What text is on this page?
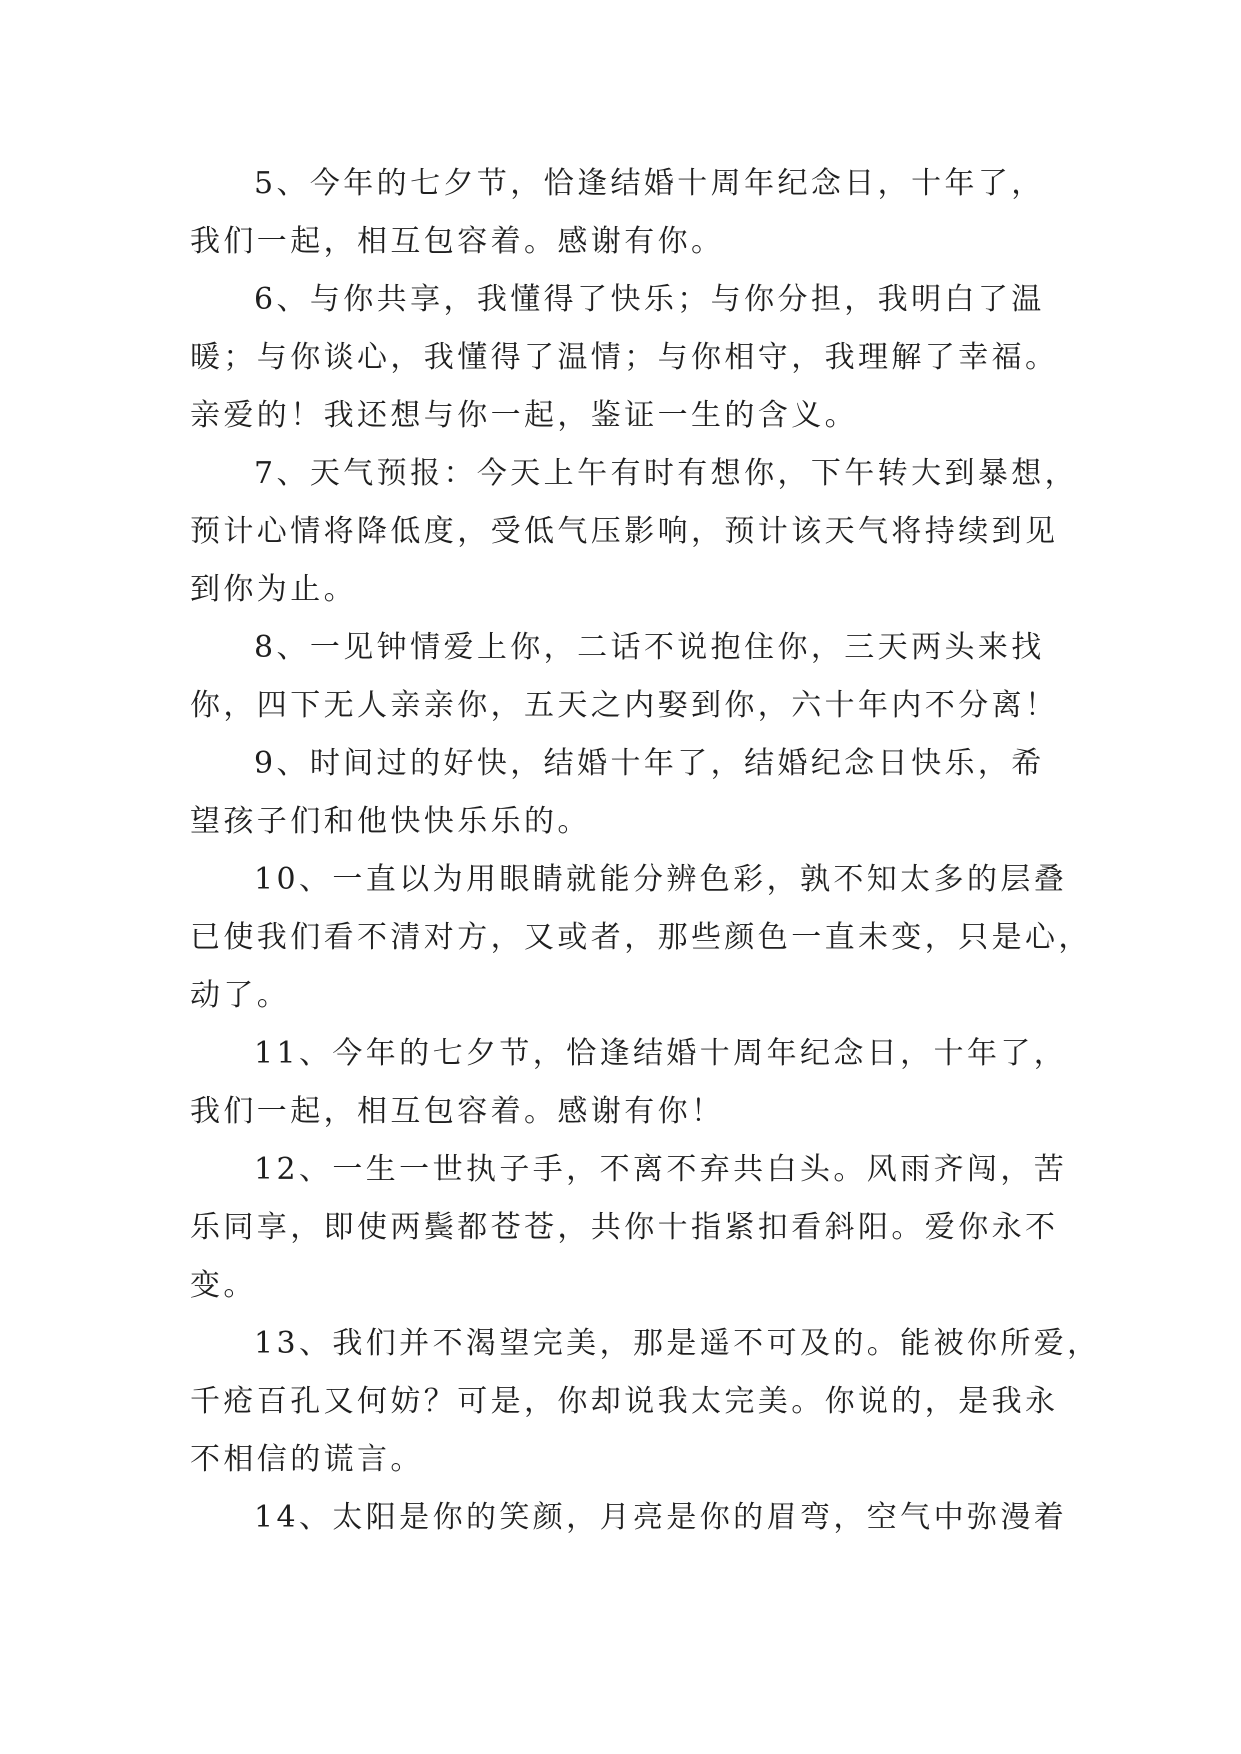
5、今年的七夕节，恰逢结婚十周年纪念日，十年了，
我们一起，相互包容着。感谢有你。
6、与你共享，我懂得了快乐；与你分担，我明白了温
暖；与你谈心，我懂得了温情；与你相守，我理解了幸福。
亲爱的！我还想与你一起，鉴证一生的含义。
7、天气预报：今天上午有时有想你，下午转大到暴想，
预计心情将降低度，受低气压影响，预计该天气将持续到见
到你为止。
8、一见钟情爱上你，二话不说抱住你，三天两头来找
你，四下无人亲亲你，五天之内娶到你，六十年内不分离！
9、时间过的好快，结婚十年了，结婚纪念日快乐，希
望孩子们和他快快乐乐的。
10、一直以为用眼睛就能分辨色彩，孰不知太多的层叠
已使我们看不清对方，又或者，那些颜色一直未变，只是心，
动了。
11、今年的七夕节，恰逢结婚十周年纪念日，十年了，
我们一起，相互包容着。感谢有你！
12、一生一世执子手，不离不弃共白头。风雨齐闯，苦
乐同享，即使两鬓都苍苍，共你十指紧扣看斜阳。爱你永不
变。
13、我们并不渴望完美，那是遥不可及的。能被你所爱，
千疮百孔又何妨？可是，你却说我太完美。你说的，是我永
不相信的谎言。
14、太阳是你的笑颜，月亮是你的眉弯，空气中弥漫着
